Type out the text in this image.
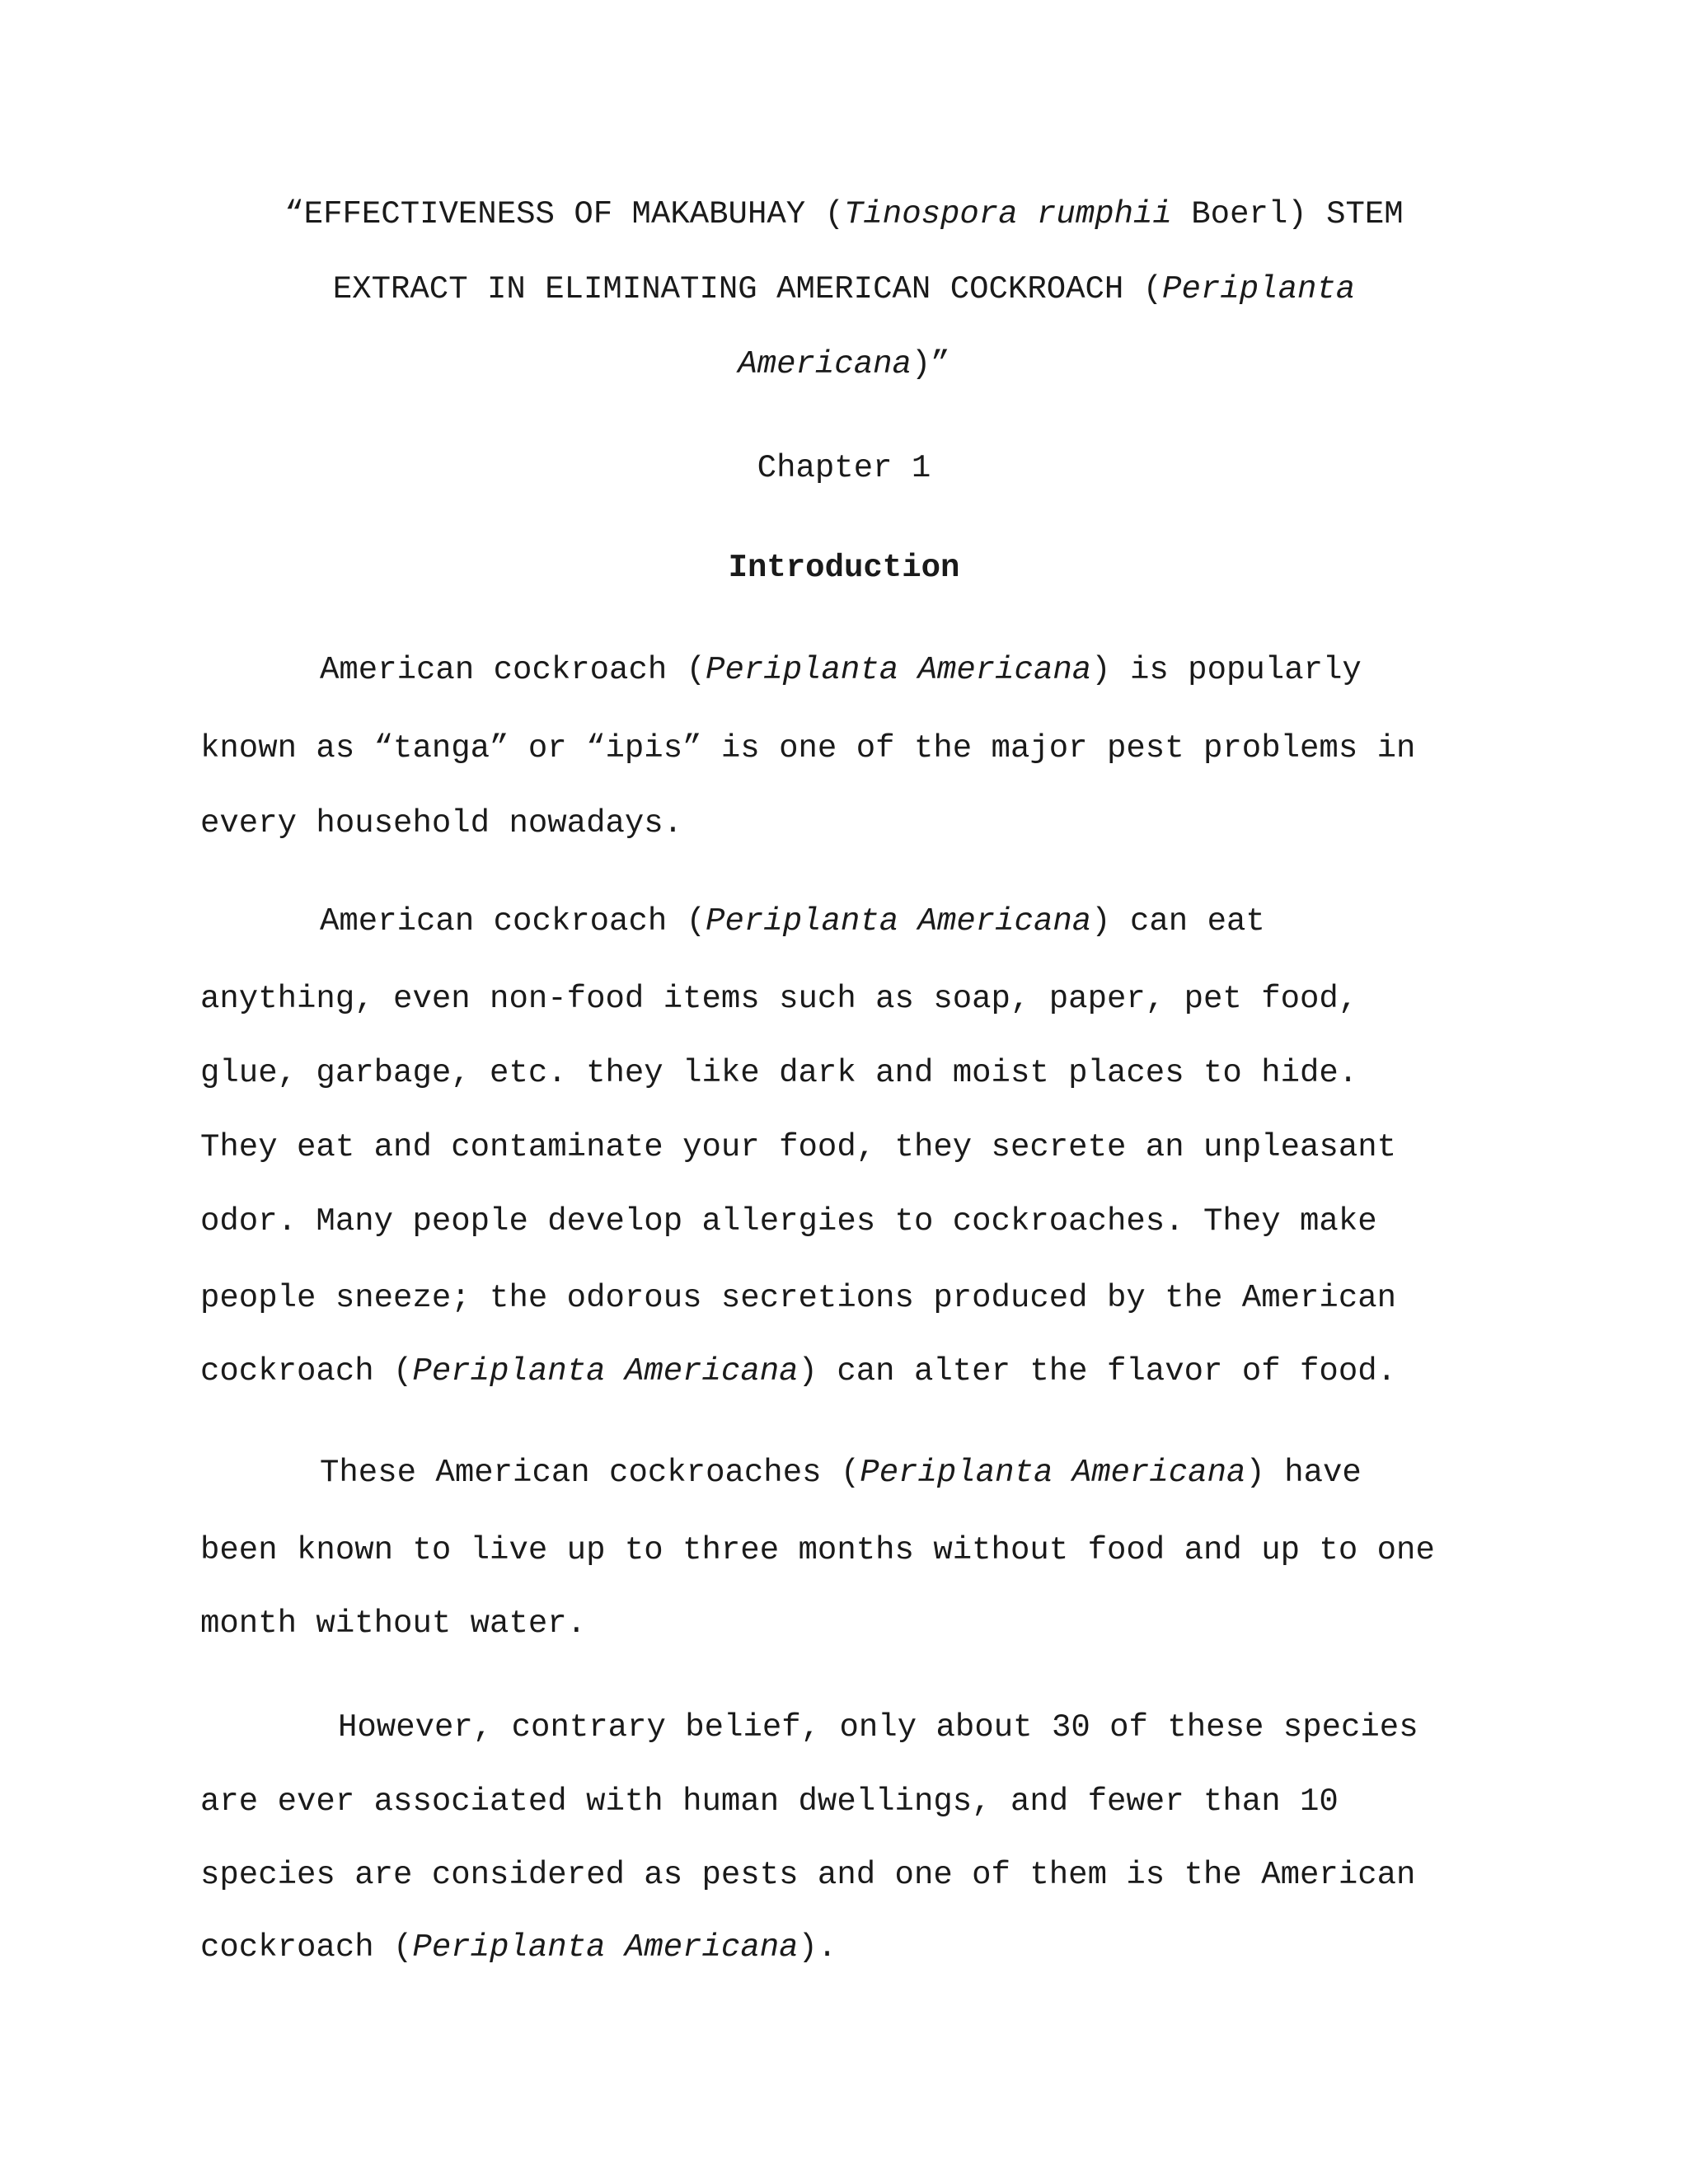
“EFFECTIVENESS OF MAKABUHAY (Tinospora rumphii Boerl) STEM

EXTRACT IN ELIMINATING AMERICAN COCKROACH (Periplanta

Americana)”

Chapter 1

Introduction

American cockroach (Periplanta Americana) is popularly

known as “tanga” or “ipis” is one of the major pest problems in

every household nowadays.

American cockroach (Periplanta Americana) can eat

anything, even non-food items such as soap, paper, pet food,

glue, garbage, etc. they like dark and moist places to hide.

They eat and contaminate your food, they secrete an unpleasant

odor. Many people develop allergies to cockroaches. They make

people sneeze; the odorous secretions produced by the American

cockroach (Periplanta Americana) can alter the flavor of food.

These American cockroaches (Periplanta Americana) have

been known to live up to three months without food and up to one

month without water.

However, contrary belief, only about 30 of these species

are ever associated with human dwellings, and fewer than 10

species are considered as pests and one of them is the American

cockroach (Periplanta Americana).
